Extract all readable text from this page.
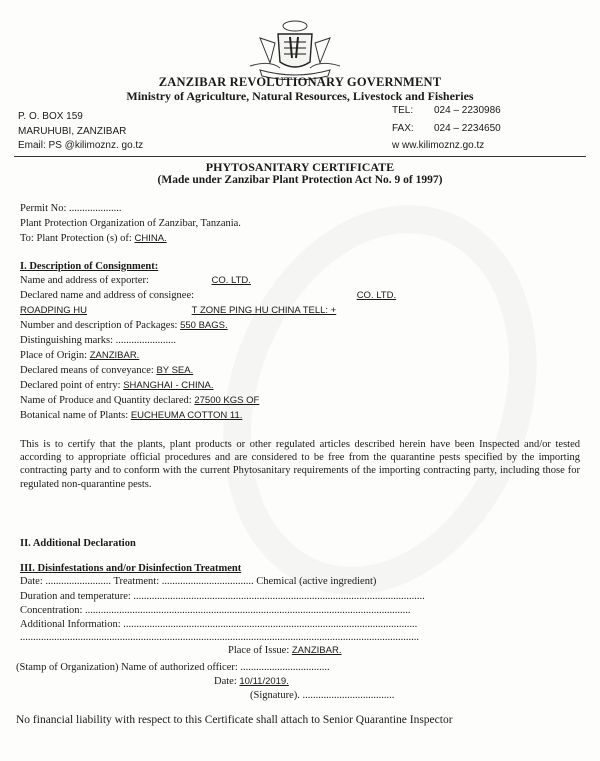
ZANZIBAR REVOLUTIONARY GOVERNMENT
Ministry of Agriculture, Natural Resources, Livestock and Fisheries
P. O. BOX 159
MARUHUBI, ZANZIBAR
Email: PS @kilimoznz. go.tz
TEL:	024 – 2230986
FAX:	024 – 2234650
w ww.kilimoznz.go.tz
PHYTOSANITARY CERTIFICATE
(Made under Zanzibar Plant Protection Act No. 9 of 1997)
Permit No: ....................
Plant Protection Organization of Zanzibar, Tanzania.
To: Plant Protection (s) of: CHINA.
I. Description of Consignment:
Name and address of exporter:	CO. LTD.
Declared name and address of consignee:	CO. LTD.
ROADPING HU	T ZONE PING HU CHINA TELL: +
Number and description of Packages: 550 BAGS.
Distinguishing marks: .......................
Place of Origin: ZANZIBAR.
Declared means of conveyance: BY SEA.
Declared point of entry: SHANGHAI - CHINA.
Name of Produce and Quantity declared: 27500 KGS OF
Botanical name of Plants: EUCHEUMA COTTON 11.
This is to certify that the plants, plant products or other regulated articles described herein have been Inspected and/or tested according to appropriate official procedures and are considered to be free from the quarantine pests specified by the importing contracting party and to conform with the current Phytosanitary requirements of the importing contracting party, including those for regulated non-quarantine pests.
II. Additional Declaration
III. Disinfestations and/or Disinfection Treatment
Date: ......................... Treatment: ................................... Chemical (active ingredient)
Duration and temperature: ...............................................................................................................
Concentration: ............................................................................................................................
Additional Information: ................................................................................................................
........................................................................................................................................................
Place of Issue: ZANZIBAR.
(Stamp of Organization) Name of authorized officer: ..................................
Date: 10/11/2019.
(Signature). ...................................
No financial liability with respect to this Certificate shall attach to Senior Quarantine Inspector
